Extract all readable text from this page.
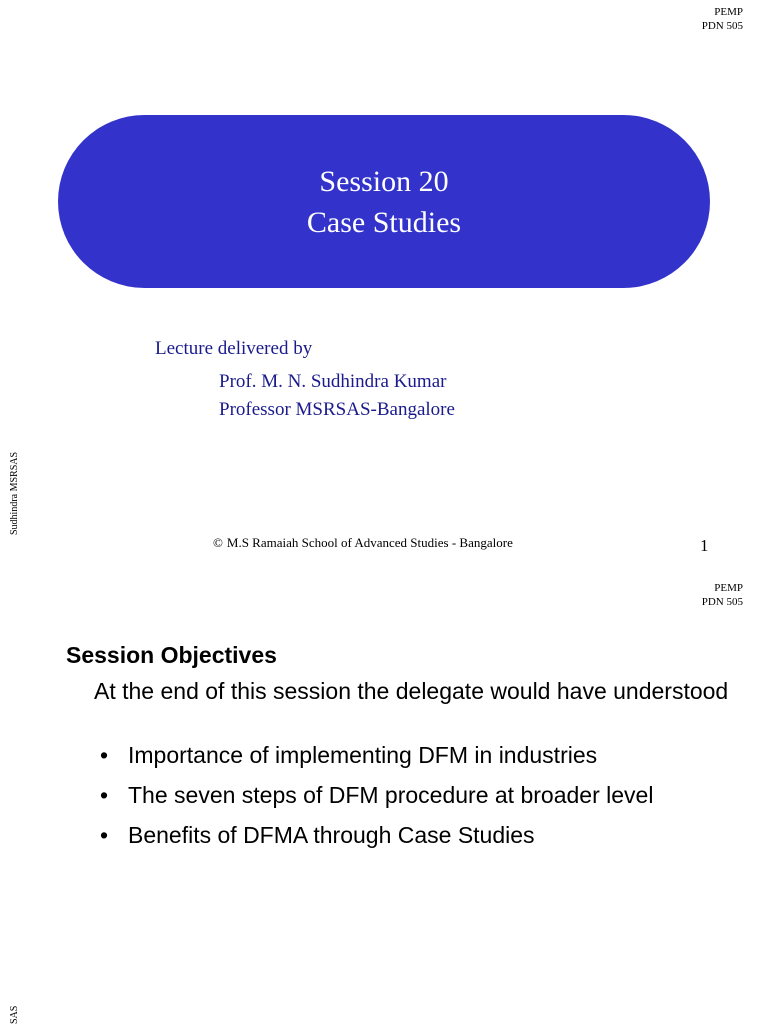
PEMP
PDN 505
Sudhindra MSRSAS
Session 20
Case Studies
Lecture delivered by
Prof. M. N. Sudhindra Kumar
Professor MSRSAS-Bangalore
© M.S Ramaiah School of Advanced Studies - Bangalore	1
PEMP
PDN 505
SAS
Session Objectives
At the end of this session the delegate would have understood
• Importance of implementing DFM in industries
• The seven steps of DFM procedure at broader level
• Benefits of DFMA through Case Studies
